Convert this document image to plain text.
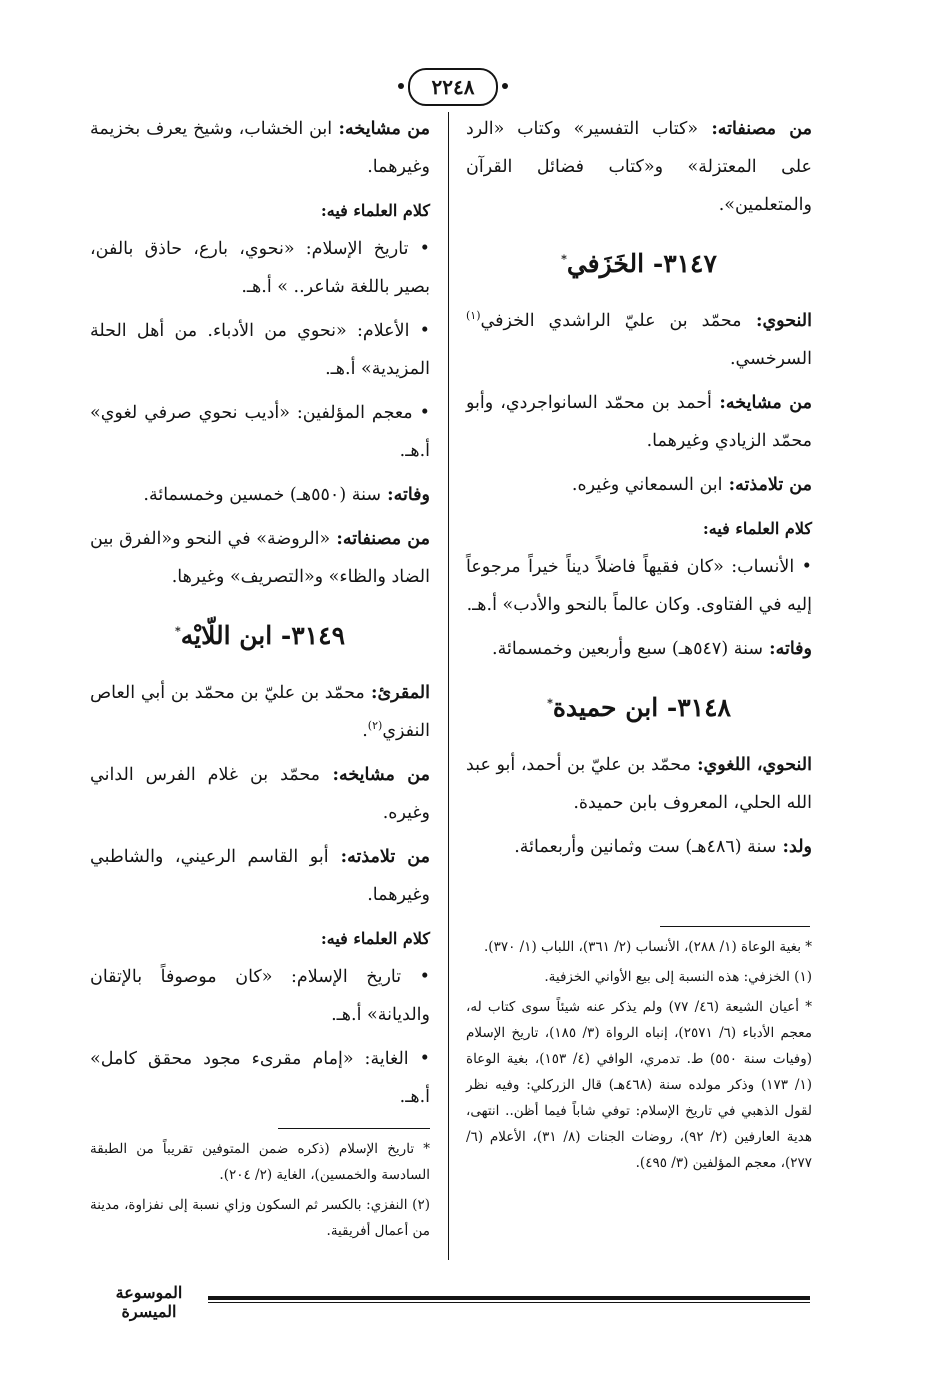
٢٢٤٨

من مصنفاته: «كتاب التفسير» وكتاب «الرد على المعتزلة» و«كتاب فضائل القرآن والمتعلمين».

٣١٤٧- الخَزَفي*

النحوي: محمّد بن عليّ الراشدي الخزفي$^{(١)}$ السرخسي.

من مشايخه: أحمد بن محمّد السانواجردي، وأبو محمّد الزيادي وغيرهما.

من تلامذته: ابن السمعاني وغيره.

كلام العلماء فيه:

• الأنساب: «كان فقيهاً فاضلاً ديناً خيراً مرجوعاً إليه في الفتاوى. وكان عالماً بالنحو والأدب» أ.هـ.

وفاته: سنة (٥٤٧هـ) سبع وأربعين وخمسمائة.

٣١٤٨- ابن حميدة*

النحوي، اللغوي: محمّد بن عليّ بن أحمد، أبو عبد الله الحلي، المعروف بابن حميدة.

ولد: سنة (٤٨٦هـ) ست وثمانين وأربعمائة.

من مشايخه: ابن الخشاب، وشيخ يعرف بخزيمة وغيرهما.

كلام العلماء فيه:

• تاريخ الإسلام: «نحوي، بارع، حاذق بالفن، بصير باللغة شاعر.. » أ.هـ.

• الأعلام: «نحوي من الأدباء. من أهل الحلة المزيدية» أ.هـ.

• معجم المؤلفين: «أديب نحوي صرفي لغوي» أ.هـ.

وفاته: سنة (٥٥٠هـ) خمسين وخمسمائة.

من مصنفاته: «الروضة» في النحو و«الفرق بين الضاد والظاء» و«التصريف» وغيرها.

٣١٤٩- ابن اللّايْه*

المقرئ: محمّد بن عليّ بن محمّد بن أبي العاص النفزي$^{(٢)}$.

من مشايخه: محمّد بن غلام الفرس الداني وغيره.

من تلامذته: أبو القاسم الرعيني، والشاطبي وغيرهما.

كلام العلماء فيه:

• تاريخ الإسلام: «كان موصوفاً بالإتقان والديانة» أ.هـ.

• الغاية: «إمام مقرىء مجود محقق كامل» أ.هـ.

* بغية الوعاة (١/ ٢٨٨)، الأنساب (٢/ ٣٦١)، اللباب (١/ ٣٧٠).

(١) الخزفي: هذه النسبة إلى بيع الأواني الخزفية.

* أعيان الشيعة (٤٦/ ٧٧) ولم يذكر عنه شيئاً سوى كتاب له، معجم الأدباء (٦/ ٢٥٧١)، إنباه الرواة (٣/ ١٨٥)، تاريخ الإسلام (وفيات سنة ٥٥٠) ط. تدمري، الوافي (٤/ ١٥٣)، بغية الوعاة (١/ ١٧٣) وذكر مولده سنة (٤٦٨هـ) قال الزركلي: وفيه نظر لقول الذهبي في تاريخ الإسلام: توفي شاباً فيما أظن.. انتهى، هدية العارفين (٢/ ٩٢)، روضات الجنات (٨/ ٣١)، الأعلام (٦/ ٢٧٧)، معجم المؤلفين (٣/ ٤٩٥).

* تاريخ الإسلام (ذكره ضمن المتوفين تقريباً من الطبقة السادسة والخمسين)، الغاية (٢/ ٢٠٤).

(٢) النفزي: بالكسر ثم السكون وزاي نسبة إلى نفزاوة، مدينة من أعمال أفريقية.

الموسوعة الميسرة
